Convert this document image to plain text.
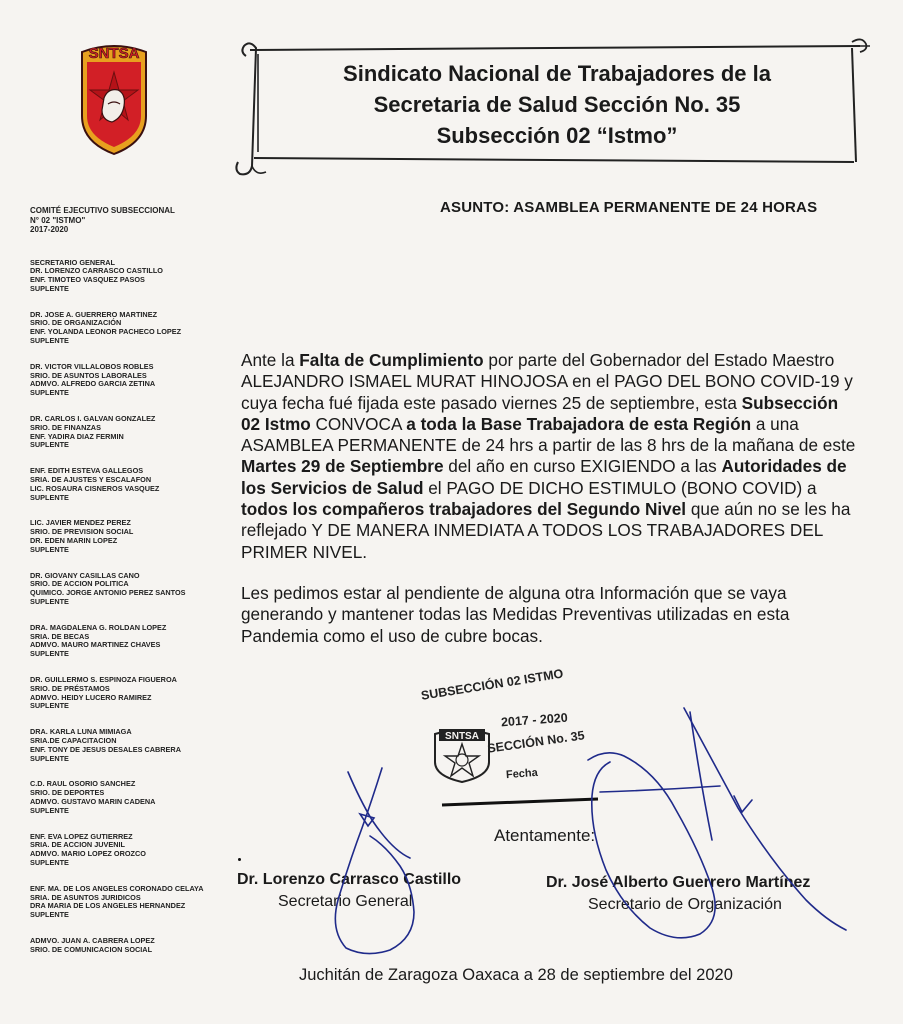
SNTSA
Sindicato Nacional de Trabajadores de la
Secretaria de Salud Sección No. 35
Subsección 02 “Istmo”
ASUNTO: ASAMBLEA PERMANENTE DE 24 HORAS
COMITÉ EJECUTIVO SUBSECCIONAL
N° 02 "ISTMO"
2017-2020
SECRETARIO GENERAL
DR. LORENZO CARRASCO CASTILLO
ENF. TIMOTEO VASQUEZ PASOS
SUPLENTE
DR. JOSE A. GUERRERO MARTINEZ
SRIO. DE ORGANIZACIÓN
ENF. YOLANDA LEONOR PACHECO LOPEZ
SUPLENTE
DR. VICTOR VILLALOBOS ROBLES
SRIO. DE ASUNTOS LABORALES
ADMVO. ALFREDO GARCIA ZETINA
SUPLENTE
DR. CARLOS I. GALVAN GONZALEZ
SRIO. DE FINANZAS
ENF. YADIRA DIAZ FERMIN
SUPLENTE
ENF. EDITH ESTEVA GALLEGOS
SRIA. DE AJUSTES Y ESCALAFON
LIC. ROSAURA CISNEROS VASQUEZ
SUPLENTE
LIC. JAVIER MENDEZ PEREZ
SRIO. DE PREVISION SOCIAL
DR. EDEN MARIN LOPEZ
SUPLENTE
DR. GIOVANY CASILLAS CANO
SRIO. DE ACCION POLITICA
QUIMICO. JORGE ANTONIO PEREZ SANTOS
SUPLENTE
DRA. MAGDALENA G. ROLDAN LOPEZ
SRIA. DE BECAS
ADMVO. MAURO MARTINEZ CHAVES
SUPLENTE
DR. GUILLERMO S. ESPINOZA FIGUEROA
SRIO. DE PRÉSTAMOS
ADMVO. HEIDY LUCERO RAMIREZ
SUPLENTE
DRA. KARLA LUNA MIMIAGA
SRIA.DE CAPACITACION
ENF. TONY DE JESUS DESALES CABRERA
SUPLENTE
C.D. RAUL OSORIO SANCHEZ
SRIO. DE DEPORTES
ADMVO. GUSTAVO MARIN CADENA
SUPLENTE
ENF. EVA LOPEZ GUTIERREZ
SRIA. DE ACCION JUVENIL
ADMVO. MARIO LOPEZ OROZCO
SUPLENTE
ENF. MA. DE LOS ANGELES CORONADO CELAYA
SRIA. DE ASUNTOS JURIDICOS
DRA MARIA DE LOS ANGELES HERNANDEZ
SUPLENTE
ADMVO. JUAN A. CABRERA LOPEZ
SRIO. DE COMUNICACION SOCIAL

Ante la Falta de Cumplimiento por parte del Gobernador del Estado Maestro ALEJANDRO ISMAEL MURAT HINOJOSA en el PAGO DEL BONO COVID-19 y cuya fecha fué fijada este pasado viernes 25 de septiembre, esta Subsección 02 Istmo CONVOCA a toda la Base Trabajadora de esta Región a una ASAMBLEA PERMANENTE de 24 hrs a partir de las 8 hrs de la mañana de este Martes 29 de Septiembre del año en curso EXIGIENDO a las Autoridades de los Servicios de Salud el PAGO DE DICHO ESTIMULO (BONO COVID) a todos los compañeros trabajadores del Segundo Nivel que aún no se les ha reflejado Y DE MANERA INMEDIATA A TODOS LOS TRABAJADORES DEL PRIMER NIVEL.

Les pedimos estar al pendiente de alguna otra Información que se vaya generando y mantener todas las Medidas Preventivas utilizadas en esta Pandemia como el uso de cubre bocas.

SUBSECCIÓN 02 ISTMO
2017 - 2020
SECCIÓN No. 35
Fecha
SNTSA
Atentamente:
Dr. Lorenzo Carrasco Castillo
Secretario General
Dr. José Alberto Guerrero Martínez
Secretario de Organización
Juchitán de Zaragoza Oaxaca a 28 de septiembre del 2020
